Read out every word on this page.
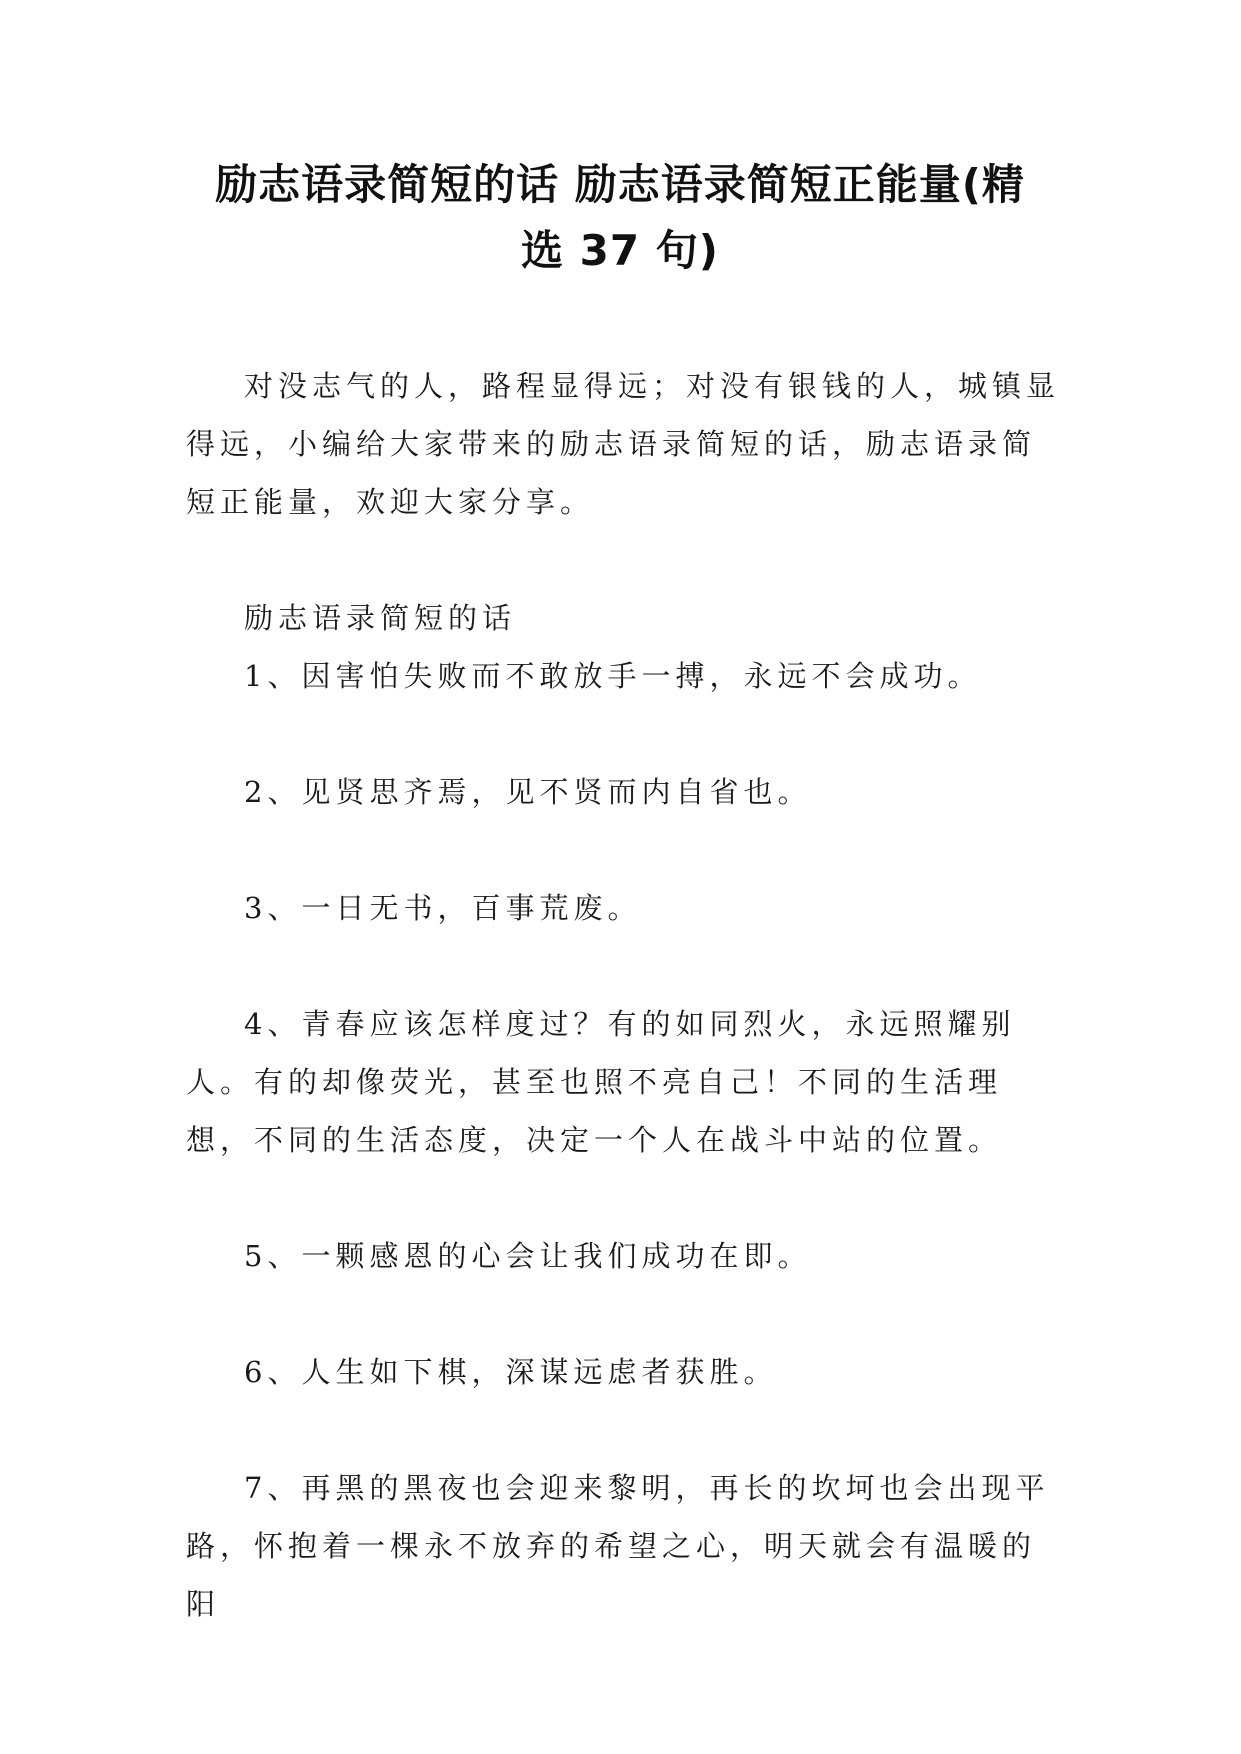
励志语录简短的话 励志语录简短正能量(精
选 37 句)

对没志气的人，路程显得远；对没有银钱的人，城镇显得远，小编给大家带来的励志语录简短的话，励志语录简短正能量，欢迎大家分享。

励志语录简短的话

1、因害怕失败而不敢放手一搏，永远不会成功。

2、见贤思齐焉，见不贤而内自省也。

3、一日无书，百事荒废。

4、青春应该怎样度过？有的如同烈火，永远照耀别人。有的却像荧光，甚至也照不亮自己！不同的生活理想，不同的生活态度，决定一个人在战斗中站的位置。

5、一颗感恩的心会让我们成功在即。

6、人生如下棋，深谋远虑者获胜。

7、再黑的黑夜也会迎来黎明，再长的坎坷也会出现平路，怀抱着一棵永不放弃的希望之心，明天就会有温暖的阳
